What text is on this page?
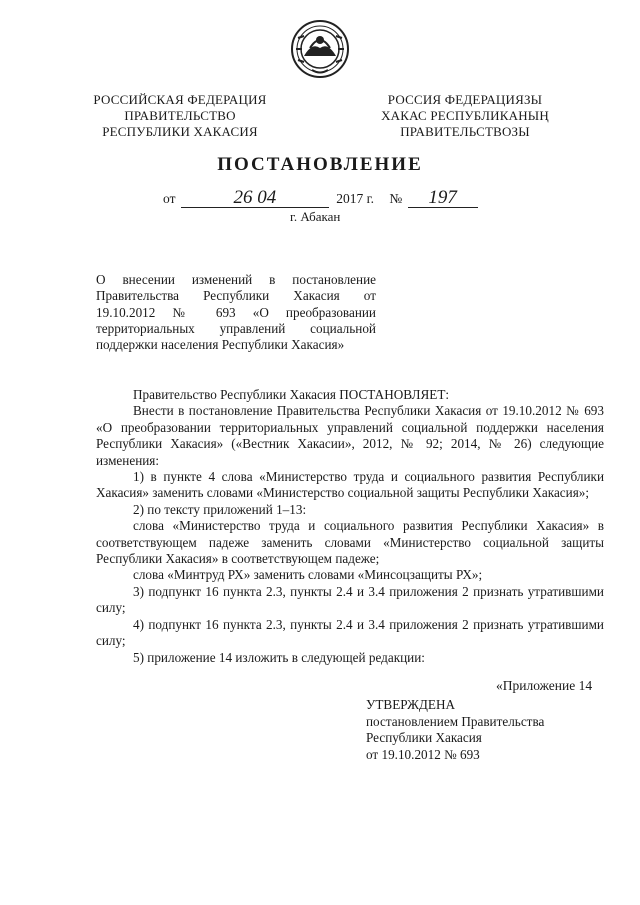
РОССИЙСКАЯ ФЕДЕРАЦИЯ
ПРАВИТЕЛЬСТВО
РЕСПУБЛИКИ ХАКАСИЯ
РОССИЯ ФЕДЕРАЦИЯЗЫ
ХАКАС РЕСПУБЛИКАНЫҢ
ПРАВИТЕЛЬСТВОЗЫ
ПОСТАНОВЛЕНИЕ
от	26 04	2017 г. № 197
г. Абакан
О внесении изменений в постановление
Правительства Республики Хакасия от
19.10.2012 № 693 «О преобразовании
территориальных управлений социальной
поддержки населения Республики Хакасия»

Правительство Республики Хакасия ПОСТАНОВЛЯЕТ:

Внести в постановление Правительства Республики Хакасия от 19.10.2012 № 693 «О преобразовании территориальных управлений социальной поддержки населения Республики Хакасия» («Вестник Хакасии», 2012, № 92; 2014, № 26) следующие изменения:

1) в пункте 4 слова «Министерство труда и социального развития Республики Хакасия» заменить словами «Министерство социальной защиты Республики Хакасия»;

2) по тексту приложений 1–13:

слова «Министерство труда и социального развития Республики Хакасия» в соответствующем падеже заменить словами «Министерство социальной защиты Республики Хакасия» в соответствующем падеже;

слова «Минтруд РХ» заменить словами «Минсоцзащиты РХ»;

3) подпункт 16 пункта 2.3, пункты 2.4 и 3.4 приложения 2 признать утратившими силу;

4) подпункт 16 пункта 2.3, пункты 2.4 и 3.4 приложения 2 признать утратившими силу;

5) приложение 14 изложить в следующей редакции:

«Приложение 14
УТВЕРЖДЕНА
постановлением Правительства
Республики Хакасия
от 19.10.2012 № 693
